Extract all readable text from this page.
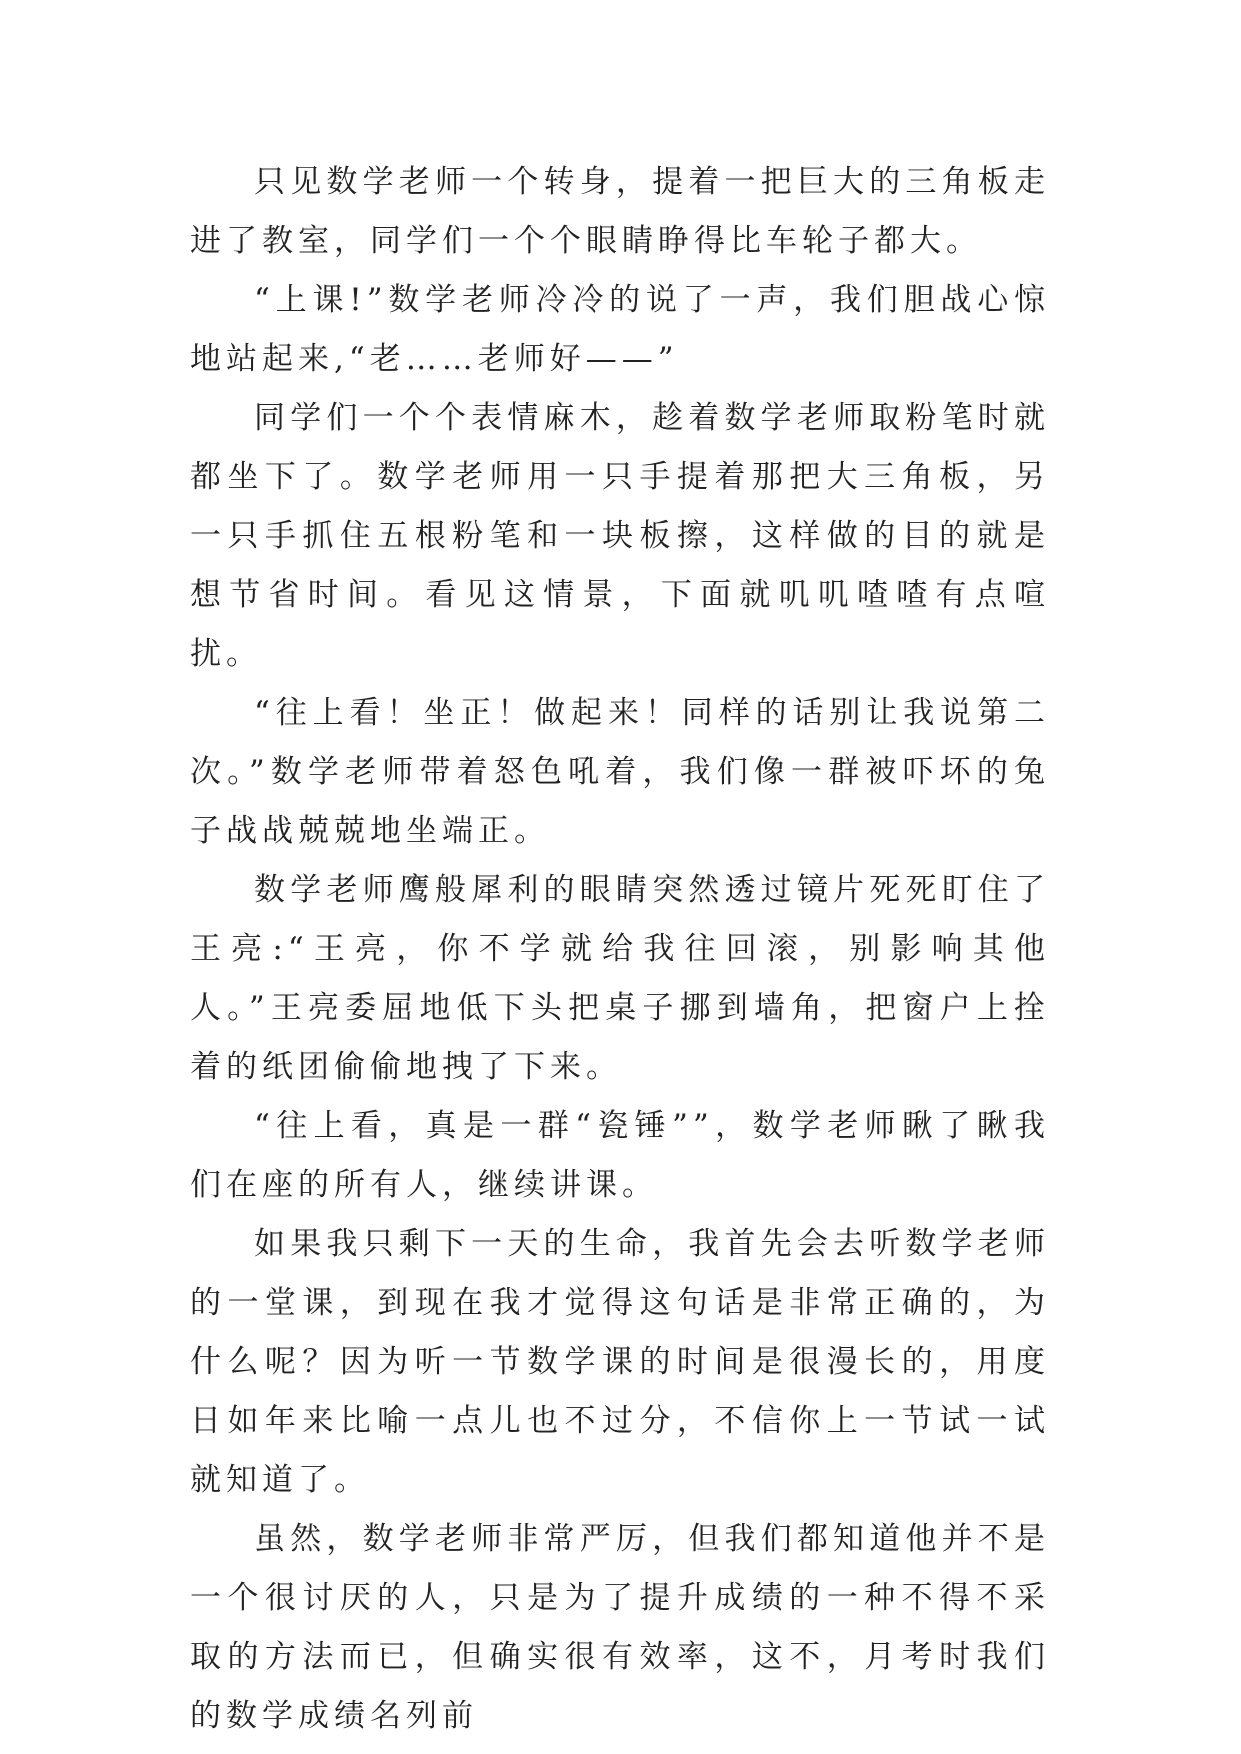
只见数学老师一个转身，提着一把巨大的三角板走进了教室，同学们一个个眼睛睁得比车轮子都大。

“上课!”数学老师冷冷的说了一声，我们胆战心惊地站起来,“老……老师好——”

同学们一个个表情麻木，趁着数学老师取粉笔时就都坐下了。数学老师用一只手提着那把大三角板，另一只手抓住五根粉笔和一块板擦，这样做的目的就是想节省时间。看见这情景，下面就叽叽喳喳有点喧扰。

“往上看！坐正！做起来！同样的话别让我说第二次。”数学老师带着怒色吼着，我们像一群被吓坏的兔子战战兢兢地坐端正。

数学老师鹰般犀利的眼睛突然透过镜片死死盯住了王亮:“王亮，你不学就给我往回滚，别影响其他人。”王亮委屈地低下头把桌子挪到墙角，把窗户上拴着的纸团偷偷地拽了下来。

“往上看，真是一群“瓷锤””，数学老师瞅了瞅我们在座的所有人，继续讲课。

如果我只剩下一天的生命，我首先会去听数学老师的一堂课，到现在我才觉得这句话是非常正确的，为什么呢？因为听一节数学课的时间是很漫长的，用度日如年来比喻一点儿也不过分，不信你上一节试一试就知道了。

虽然，数学老师非常严厉，但我们都知道他并不是一个很讨厌的人，只是为了提升成绩的一种不得不采取的方法而已，但确实很有效率，这不，月考时我们的数学成绩名列前
